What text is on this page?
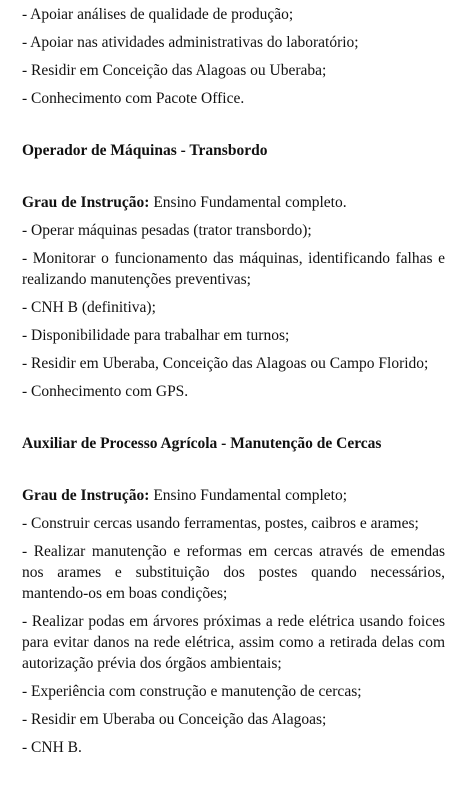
- Apoiar análises de qualidade de produção;

- Apoiar nas atividades administrativas do laboratório;

- Residir em Conceição das Alagoas ou Uberaba;

- Conhecimento com Pacote Office.

Operador de Máquinas - Transbordo

Grau de Instrução: Ensino Fundamental completo.

- Operar máquinas pesadas (trator transbordo);

- Monitorar o funcionamento das máquinas, identificando falhas e realizando manutenções preventivas;

- CNH B (definitiva);

- Disponibilidade para trabalhar em turnos;

- Residir em Uberaba, Conceição das Alagoas ou Campo Florido;

- Conhecimento com GPS.

Auxiliar de Processo Agrícola - Manutenção de Cercas

Grau de Instrução: Ensino Fundamental completo;

- Construir cercas usando ferramentas, postes, caibros e arames;

- Realizar manutenção e reformas em cercas através de emendas nos arames e substituição dos postes quando necessários, mantendo-os em boas condições;

- Realizar podas em árvores próximas a rede elétrica usando foices para evitar danos na rede elétrica, assim como a retirada delas com autorização prévia dos órgãos ambientais;

- Experiência com construção e manutenção de cercas;

- Residir em Uberaba ou Conceição das Alagoas;

- CNH B.
